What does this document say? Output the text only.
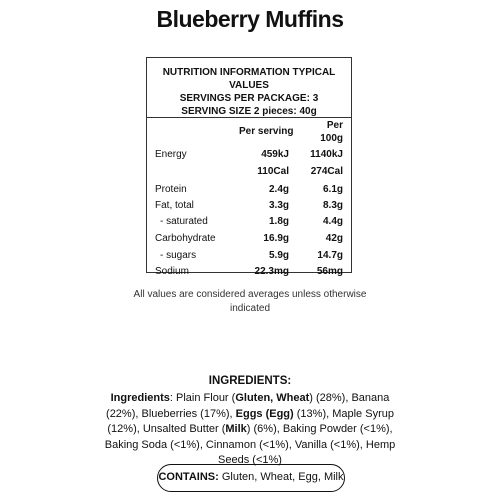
Blueberry Muffins
NUTRITION INFORMATION TYPICAL VALUES
SERVINGS PER PACKAGE: 3
SERVING SIZE 2 pieces: 40g
Per serving
Per
100g
Energy	459kJ 1140kJ
110Cal 274Cal
Protein	2.4g	6.1g
Fat, total	3.3g	8.3g
- saturated	1.8g	4.4g
Carbohydrate	16.9g	42g
- sugars	5.9g	14.7g
Sodium	22.3mg	56mg
All values are considered averages unless otherwise indicated
INGREDIENTS:
Ingredients: Plain Flour (Gluten, Wheat) (28%), Banana (22%), Blueberries (17%), Eggs (Egg) (13%), Maple Syrup (12%), Unsalted Butter (Milk) (6%), Baking Powder (<1%), Baking Soda (<1%), Cinnamon (<1%), Vanilla (<1%), Hemp Seeds (<1%)
CONTAINS: Gluten, Wheat, Egg, Milk
